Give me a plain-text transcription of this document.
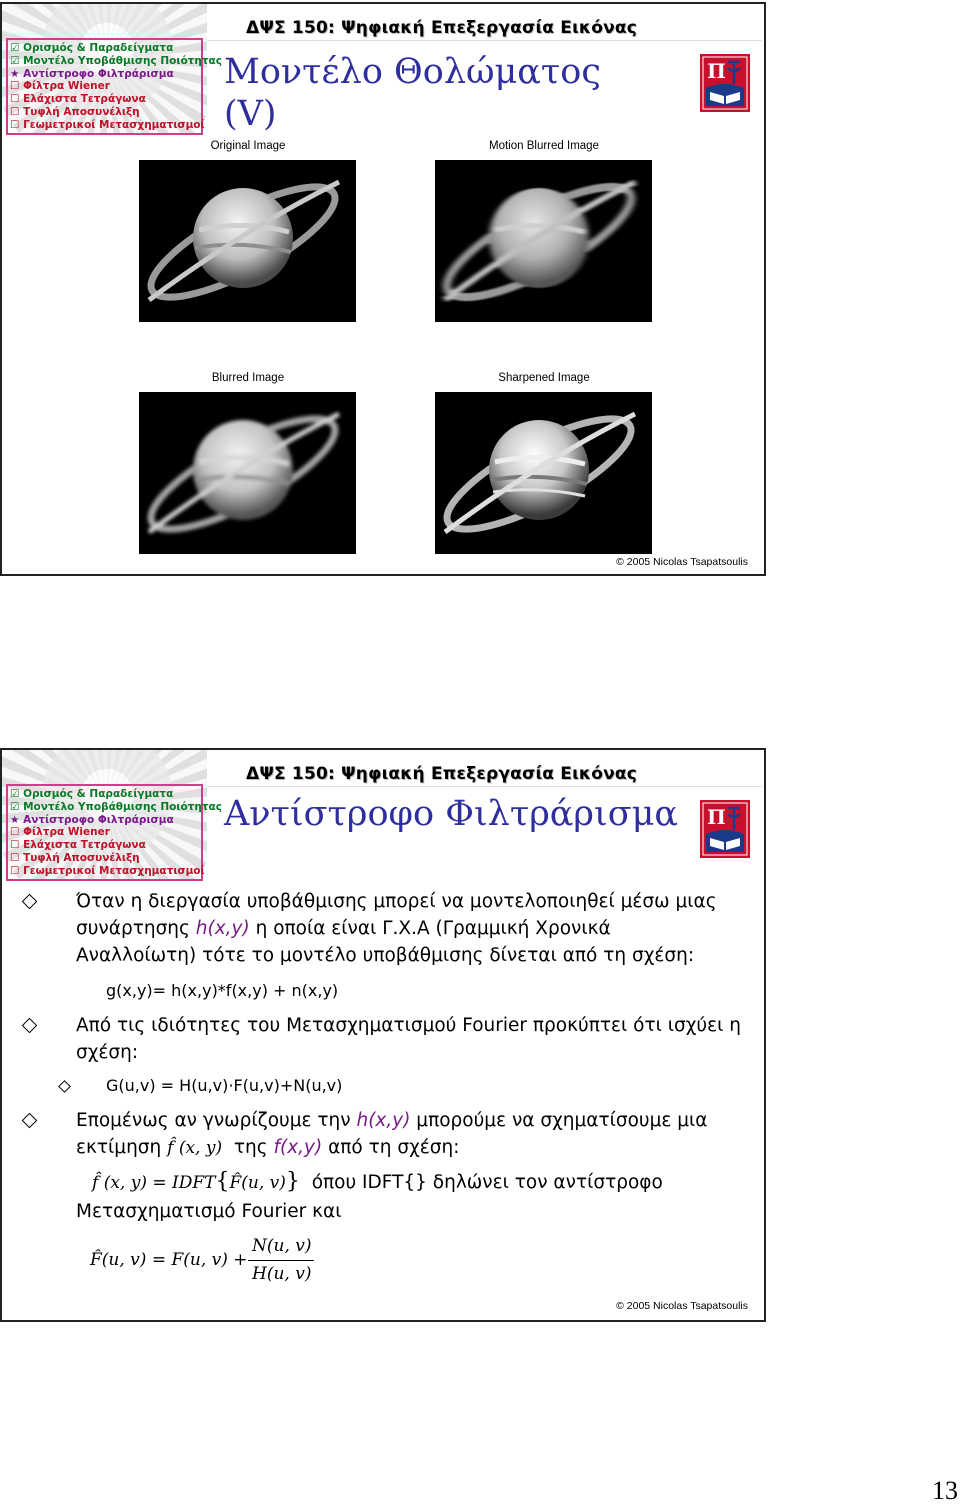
☑ Ορισμός & Παραδείγματα
☑ Μοντέλο Υποβάθμισης Ποιότητας
★ Αντίστροφο Φιλτράρισμα
☐ Φίλτρα Wiener
☐ Ελάχιστα Τετράγωνα
☐ Τυφλή Αποσυνέλιξη
☐ Γεωμετρικοί Μετασχηματισμοί
ΔΨΣ 150: Ψηφιακή Επεξεργασία Εικόνας
Μοντέλο Θολώματος
(V)
Π
Original Image	Motion Blurred Image
Blurred Image	Sharpened Image
© 2005 Nicolas Tsapatsoulis
☑ Ορισμός & Παραδείγματα
☑ Μοντέλο Υποβάθμισης Ποιότητας
★ Αντίστροφο Φιλτράρισμα
☐ Φίλτρα Wiener
☐ Ελάχιστα Τετράγωνα
☐ Τυφλή Αποσυνέλιξη
☐ Γεωμετρικοί Μετασχηματισμοί
ΔΨΣ 150: Ψηφιακή Επεξεργασία Εικόνας
Αντίστροφο Φιλτράρισμα Π
Όταν η διεργασία υποβάθμισης μπορεί να μοντελοποιηθεί μέσω μιας
συνάρτησης h(x,y) η οποία είναι Γ.Χ.Α (Γραμμική Χρονικά
Αναλλοίωτη) τότε το μοντέλο υποβάθμισης δίνεται από τη σχέση:
g(x,y)= h(x,y)*f(x,y) + n(x,y)
Από τις ιδιότητες του Μετασχηματισμού Fourier προκύπτει ότι ισχύει η
σχέση:
G(u,v) = H(u,v)⋅F(u,v)+N(u,v)
Επομένως αν γνωρίζουμε την h(x,y) μπορούμε να σχηματίσουμε μια
εκτίμηση f̂ (x, y) της f(x,y) από τη σχέση:
f̂ (x, y) = IDFT{F̂(u, v)} όπου IDFT{} δηλώνει τον αντίστροφο
Μετασχηματισμό Fourier και
F̂(u, v) = F(u, v) +
N(u, v)
H(u, v)
© 2005 Nicolas Tsapatsoulis
13
